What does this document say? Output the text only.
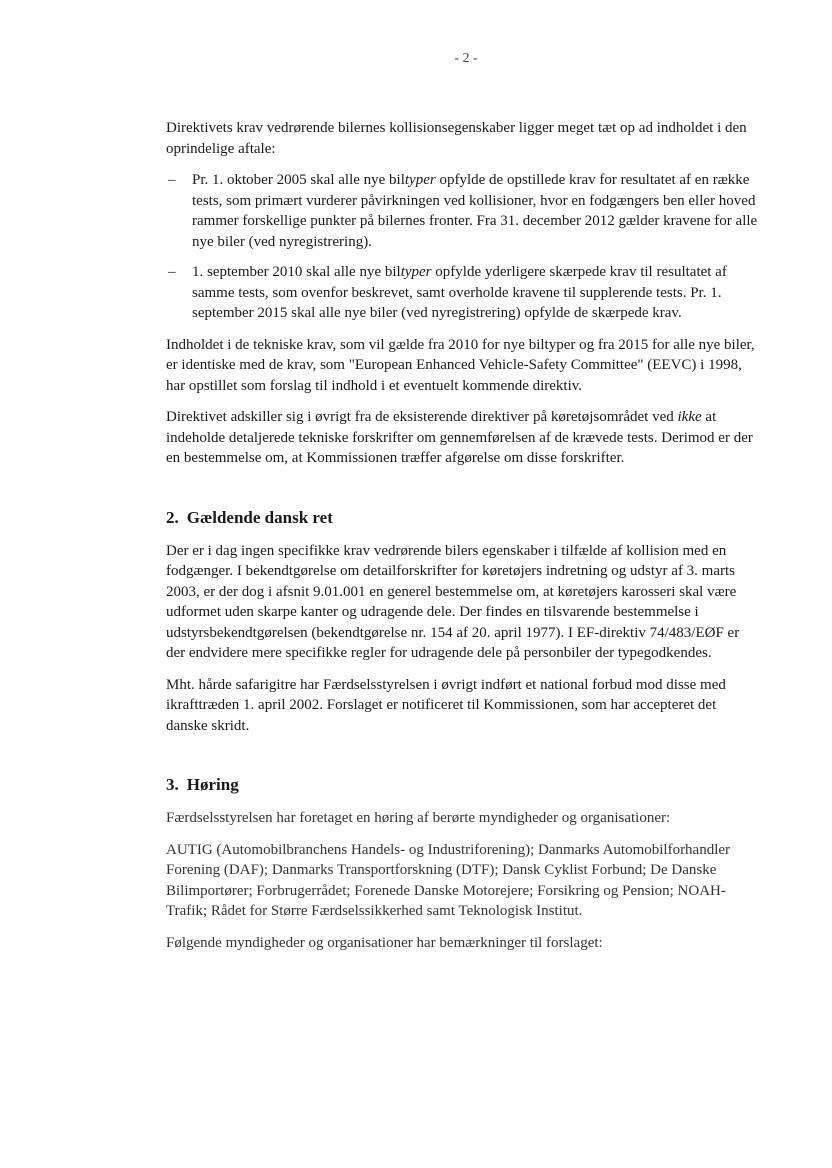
- 2 -

Direktivets krav vedrørende bilernes kollisionsegenskaber ligger meget tæt op ad indholdet i den oprindelige aftale:

– Pr. 1. oktober 2005 skal alle nye biltyper opfylde de opstillede krav for resultatet af en række tests, som primært vurderer påvirkningen ved kollisioner, hvor en fodgængers ben eller hoved rammer forskellige punkter på bilernes fronter. Fra 31. december 2012 gælder kravene for alle nye biler (ved nyregistrering).
– 1. september 2010 skal alle nye biltyper opfylde yderligere skærpede krav til resultatet af samme tests, som ovenfor beskrevet, samt overholde kravene til supplerende tests. Pr. 1. september 2015 skal alle nye biler (ved nyregistrering) opfylde de skærpede krav.

Indholdet i de tekniske krav, som vil gælde fra 2010 for nye biltyper og fra 2015 for alle nye biler, er identiske med de krav, som "European Enhanced Vehicle-Safety Committee" (EEVC) i 1998, har opstillet som forslag til indhold i et eventuelt kommende direktiv.

Direktivet adskiller sig i øvrigt fra de eksisterende direktiver på køretøjsområdet ved ikke at indeholde detaljerede tekniske forskrifter om gennemførelsen af de krævede tests. Derimod er der en bestemmelse om, at Kommissionen træffer afgørelse om disse forskrifter.

2. Gældende dansk ret

Der er i dag ingen specifikke krav vedrørende bilers egenskaber i tilfælde af kollision med en fodgænger. I bekendtgørelse om detailforskrifter for køretøjers indretning og udstyr af 3. marts 2003, er der dog i afsnit 9.01.001 en generel bestemmelse om, at køretøjers karosseri skal være udformet uden skarpe kanter og udragende dele. Der findes en tilsvarende bestemmelse i udstyrsbekendtgørelsen (bekendtgørelse nr. 154 af 20. april 1977). I EF-direktiv 74/483/EØF er der endvidere mere specifikke regler for udragende dele på personbiler der typegodkendes.

Mht. hårde safarigitre har Færdselsstyrelsen i øvrigt indført et national forbud mod disse med ikrafttræden 1. april 2002. Forslaget er notificeret til Kommissionen, som har accepteret det danske skridt.

3. Høring

Færdselsstyrelsen har foretaget en høring af berørte myndigheder og organisationer:

AUTIG (Automobilbranchens Handels- og Industriforening); Danmarks Automobilforhandler Forening (DAF); Danmarks Transportforskning (DTF); Dansk Cyklist Forbund; De Danske Bilimportører; Forbrugerrådet; Forenede Danske Motorejere; Forsikring og Pension; NOAH-Trafik; Rådet for Større Færdselssikkerhed samt Teknologisk Institut.

Følgende myndigheder og organisationer har bemærkninger til forslaget:
